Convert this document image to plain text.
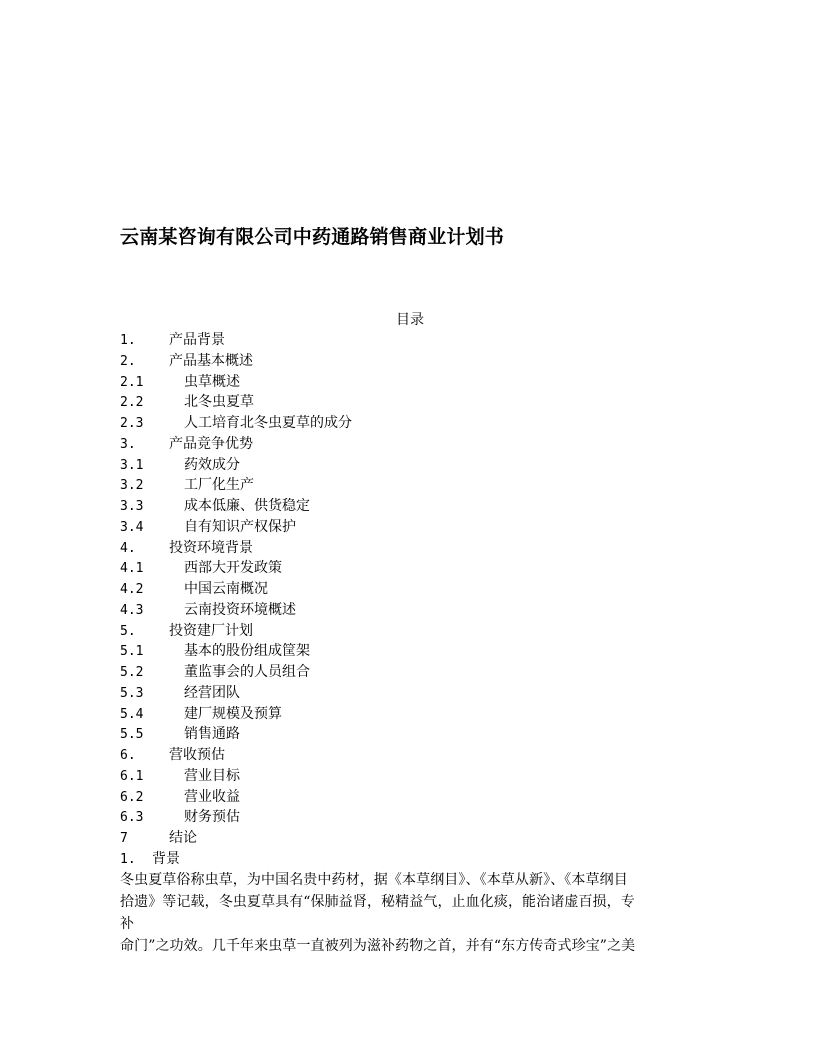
云南某咨询有限公司中药通路销售商业计划书
目录
1. 产品背景
2. 产品基本概述
2.1	虫草概述
2.2	北冬虫夏草
2.3	人工培育北冬虫夏草的成分
3. 产品竞争优势
3.1	药效成分
3.2	工厂化生产
3.3	成本低廉、供货稳定
3.4	自有知识产权保护
4. 投资环境背景
4.1	西部大开发政策
4.2	中国云南概况
4.3	云南投资环境概述
5. 投资建厂计划
5.1	基本的股份组成筐架
5.2	董监事会的人员组合
5.3	经营团队
5.4	建厂规模及预算
5.5	销售通路
6. 营收预估
6.1	营业目标
6.2	营业收益
6.3	财务预估
7	结论
1. 背景
冬虫夏草俗称虫草，为中国名贵中药材，据《本草纲目》、《本草从新》、《本草纲目
拾遗》等记载，冬虫夏草具有“保肺益肾，秘精益气，止血化痰，能治诸虚百损，专
补
命门”之功效。几千年来虫草一直被列为滋补药物之首，并有“东方传奇式珍宝”之美
